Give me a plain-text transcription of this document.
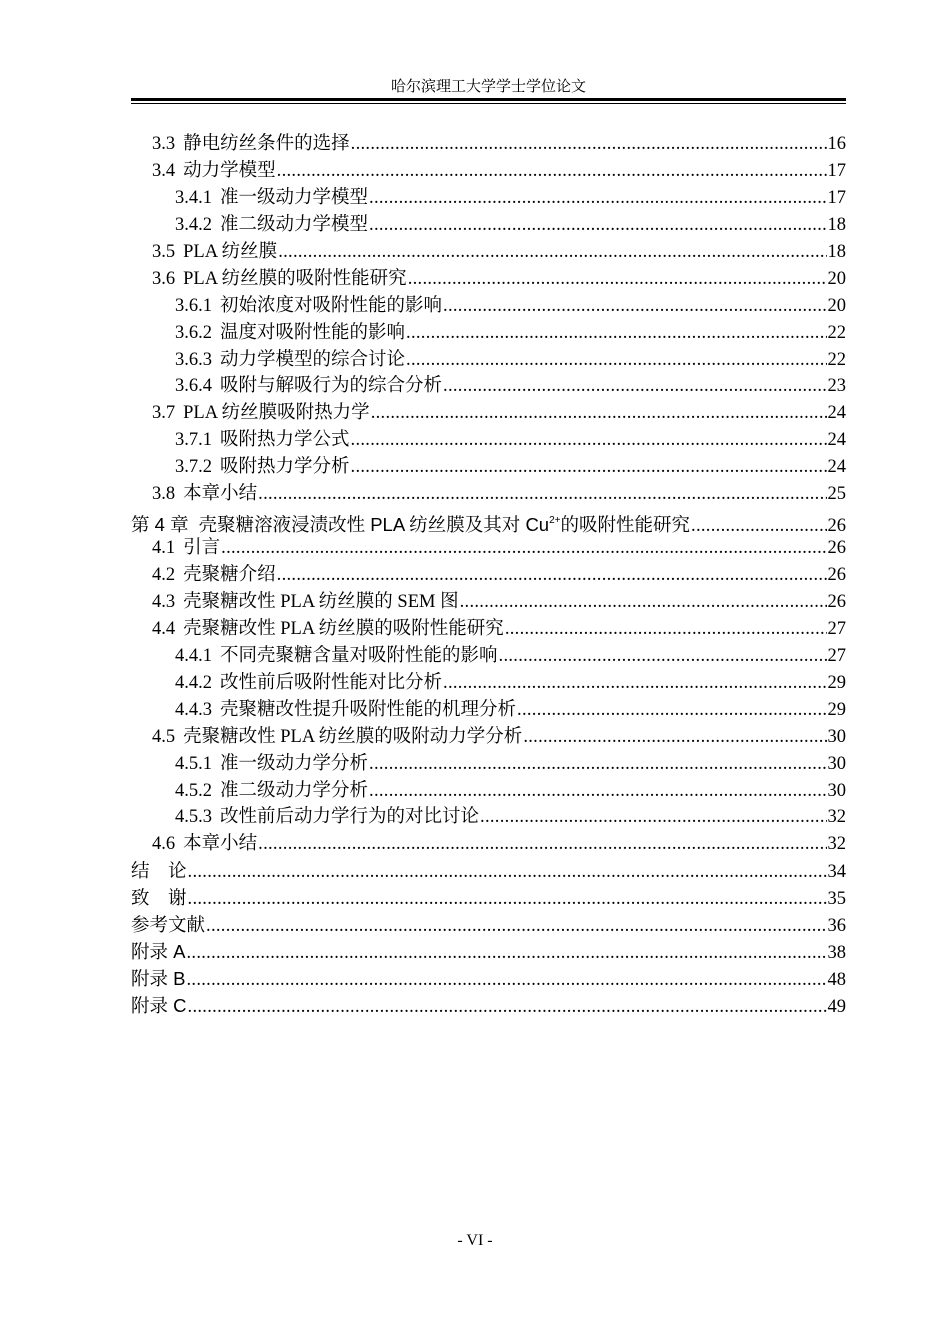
哈尔滨理工大学学士学位论文
3.3 静电纺丝条件的选择 .....	16
3.4 动力学模型 .....	17
3.4.1 准一级动力学模型 .....	17
3.4.2 准二级动力学模型 .....	18
3.5 PLA 纺丝膜 .....	18
3.6 PLA 纺丝膜的吸附性能研究 .....	20
3.6.1 初始浓度对吸附性能的影响 .....	20
3.6.2 温度对吸附性能的影响 .....	22
3.6.3 动力学模型的综合讨论 .....	22
3.6.4 吸附与解吸行为的综合分析 .....	23
3.7 PLA 纺丝膜吸附热力学 .....	24
3.7.1 吸附热力学公式 .....	24
3.7.2 吸附热力学分析 .....	24
3.8 本章小结 .....	25
第 4 章 壳聚糖溶液浸渍改性 PLA 纺丝膜及其对 $Cu^{2+}$的吸附性能研究 .....	26
4.1 引言 .....	26
4.2 壳聚糖介绍 .....	26
4.3 壳聚糖改性 PLA 纺丝膜的 SEM 图 .....	26
4.4 壳聚糖改性 PLA 纺丝膜的吸附性能研究 .....	27
4.4.1 不同壳聚糖含量对吸附性能的影响 .....	27
4.4.2 改性前后吸附性能对比分析 .....	29
4.4.3 壳聚糖改性提升吸附性能的机理分析 .....	29
4.5 壳聚糖改性 PLA 纺丝膜的吸附动力学分析 .....	30
4.5.1 准一级动力学分析 .....	30
4.5.2 准二级动力学分析 .....	30
4.5.3 改性前后动力学行为的对比讨论 .....	32
4.6 本章小结 .....	32
结　论 .....	34
致　谢 .....	35
参考文献 .....	36
附录 A .....	38
附录 B .....	48
附录 C .....	49
- VI -
